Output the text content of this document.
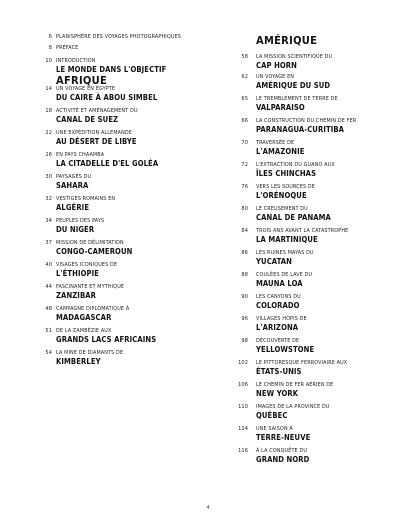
6 PLANISPHÈRE DES VOYAGES PHOTOGRAPHIQUES
8 PRÉFACE
10 INTRODUCTION
LE MONDE DANS L'OBJECTIF
14 UN VOYAGE EN ÉGYPTE
DU CAIRE À ABOU SIMBEL
18 ACTIVITÉ ET AMÉNAGEMENT DU
CANAL DE SUEZ
22 UNE EXPÉDITION ALLEMANDE
AU DÉSERT DE LIBYE
26 EN PAYS CHAAMBA
LA CITADELLE D'EL GOLÉA
30 PAYSAGES DU
SAHARA
32 VESTIGES ROMAINS EN
ALGÉRIE
34 PEUPLES DES PAYS
DU NIGER
37 MISSION DE DÉLIMITATION
CONGO-CAMEROUN
40 VISAGES ICONIQUES DE
L'ÉTHIOPIE
44 FASCINANTE ET MYTHIQUE
ZANZIBAR
48 CAMPAGNE DIPLOMATIQUE À
MADAGASCAR
51 DE LA ZAMBÈZIE AUX
GRANDS LACS AFRICAINS
54 LA MINE DE DIAMANTS DE
KIMBERLEY
AFRIQUE
AMÉRIQUE
58 LA MISSION SCIENTIFIQUE DU
CAP HORN
62 UN VOYAGE EN
AMÉRIQUE DU SUD
65 LE TREMBLEMENT DE TERRE DE
VALPARAISO
66 LA CONSTRUCTION DU CHEMIN DE FER
PARANAGUA-CURITIBA
70 TRAVERSÉE DE
L'AMAZONIE
72 L'EXTRACTION DU GUANO AUX
ÎLES CHINCHAS
76 VERS LES SOURCES DE
L'ORÉNOQUE
80 LE CREUSEMENT DU
CANAL DE PANAMA
84 TROIS ANS AVANT LA CATASTROPHE
LA MARTINIQUE
86 LES RUINES MAYAS DU
YUCATAN
88 COULÉES DE LAVE DU
MAUNA LOA
90 LES CANYONS DU
COLORADO
96 VILLAGES HOPIS DE
L'ARIZONA
98 DÉCOUVERTE DE
YELLOWSTONE
102 LE PITTORESQUE FERROVIAIRE AUX
ÉTATS-UNIS
106 LE CHEMIN DE FER AÉRIEN DE
NEW YORK
110 IMAGES DE LA PROVINCE DU
QUÉBEC
114 UNE SAISON À
TERRE-NEUVE
116 À LA CONQUÊTE DU
GRAND NORD
4
